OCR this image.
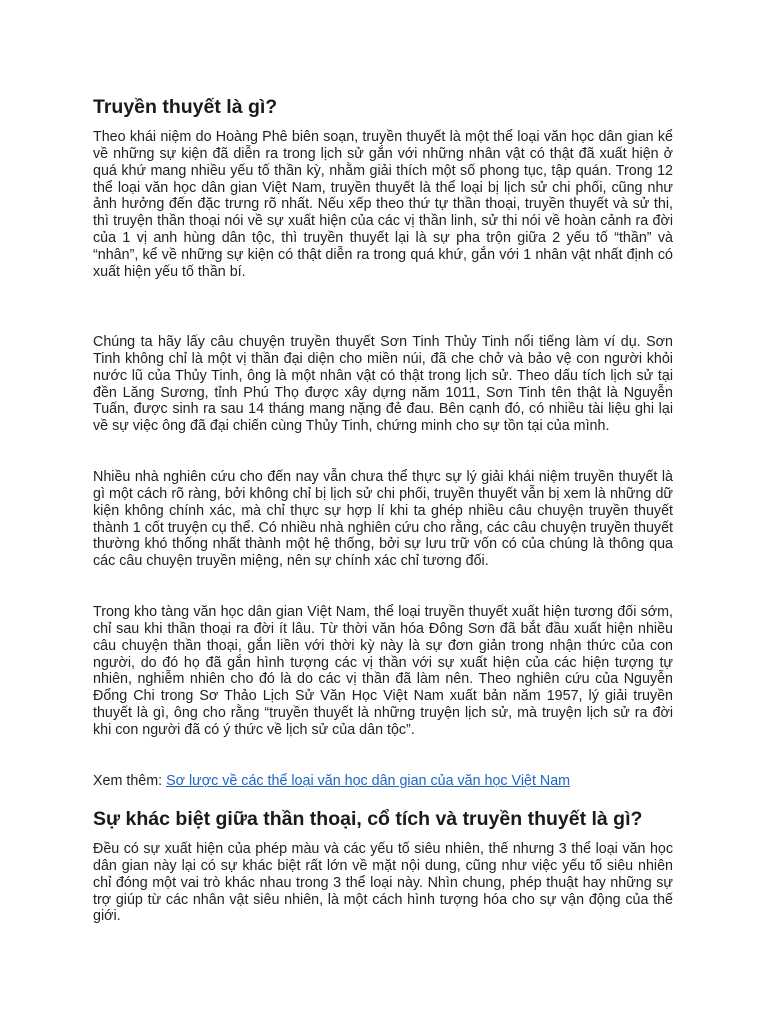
Truyền thuyết là gì?

Theo khái niệm do Hoàng Phê biên soạn, truyền thuyết là một thể loại văn học dân gian kể về những sự kiện đã diễn ra trong lịch sử gắn với những nhân vật có thật đã xuất hiện ở quá khứ mang nhiều yếu tố thần kỳ, nhằm giải thích một số phong tục, tập quán. Trong 12 thể loại văn học dân gian Việt Nam, truyền thuyết là thể loại bị lịch sử chi phối, cũng như ảnh hưởng đến đặc trưng rõ nhất. Nếu xếp theo thứ tự thần thoại, truyền thuyết và sử thi, thì truyện thần thoại nói về sự xuất hiện của các vị thần linh, sử thi nói về hoàn cảnh ra đời của 1 vị anh hùng dân tộc, thì truyền thuyết lại là sự pha trộn giữa 2 yếu tố “thần” và “nhân”, kể về những sự kiện có thật diễn ra trong quá khứ, gắn với 1 nhân vật nhất định có xuất hiện yếu tố thần bí.

Chúng ta hãy lấy câu chuyện truyền thuyết Sơn Tinh Thủy Tinh nổi tiếng làm ví dụ. Sơn Tinh không chỉ là một vị thần đại diện cho miền núi, đã che chở và bảo vệ con người khỏi nước lũ của Thủy Tinh, ông là một nhân vật có thật trong lịch sử. Theo dấu tích lịch sử tại đền Lăng Sương, tỉnh Phú Thọ được xây dựng năm 1011, Sơn Tinh tên thật là Nguyễn Tuấn, được sinh ra sau 14 tháng mang nặng đẻ đau. Bên cạnh đó, có nhiều tài liệu ghi lại về sự việc ông đã đại chiến cùng Thủy Tinh, chứng minh cho sự tồn tại của mình.

Nhiều nhà nghiên cứu cho đến nay vẫn chưa thể thực sự lý giải khái niệm truyền thuyết là gì một cách rõ ràng, bởi không chỉ bị lịch sử chi phối, truyền thuyết vẫn bị xem là những dữ kiện không chính xác, mà chỉ thực sự hợp lí khi ta ghép nhiều câu chuyện truyền thuyết thành 1 cốt truyện cụ thể. Có nhiều nhà nghiên cứu cho rằng, các câu chuyện truyền thuyết thường khó thống nhất thành một hệ thống, bởi sự lưu trữ vốn có của chúng là thông qua các câu chuyện truyền miệng, nên sự chính xác chỉ tương đối.

Trong kho tàng văn học dân gian Việt Nam, thể loại truyền thuyết xuất hiện tương đối sớm, chỉ sau khi thần thoại ra đời ít lâu. Từ thời văn hóa Đông Sơn đã bắt đầu xuất hiện nhiều câu chuyện thần thoại, gắn liền với thời kỳ này là sự đơn giản trong nhận thức của con người, do đó họ đã gắn hình tượng các vị thần với sự xuất hiện của các hiện tượng tự nhiên, nghiễm nhiên cho đó là do các vị thần đã làm nên. Theo nghiên cứu của Nguyễn Đổng Chi trong Sơ Thảo Lịch Sử Văn Học Việt Nam xuất bản năm 1957, lý giải truyền thuyết là gì, ông cho rằng “truyền thuyết là những truyện lịch sử, mà truyện lịch sử ra đời khi con người đã có ý thức về lịch sử của dân tộc”.

Xem thêm: Sơ lược về các thể loại văn học dân gian của văn học Việt Nam

Sự khác biệt giữa thần thoại, cổ tích và truyền thuyết là gì?

Đều có sự xuất hiện của phép màu và các yếu tố siêu nhiên, thế nhưng 3 thể loại văn học dân gian này lại có sự khác biệt rất lớn về mặt nội dung, cũng như việc yếu tố siêu nhiên chỉ đóng một vai trò khác nhau trong 3 thể loại này. Nhìn chung, phép thuật hay những sự trợ giúp từ các nhân vật siêu nhiên, là một cách hình tượng hóa cho sự vận động của thế giới.
